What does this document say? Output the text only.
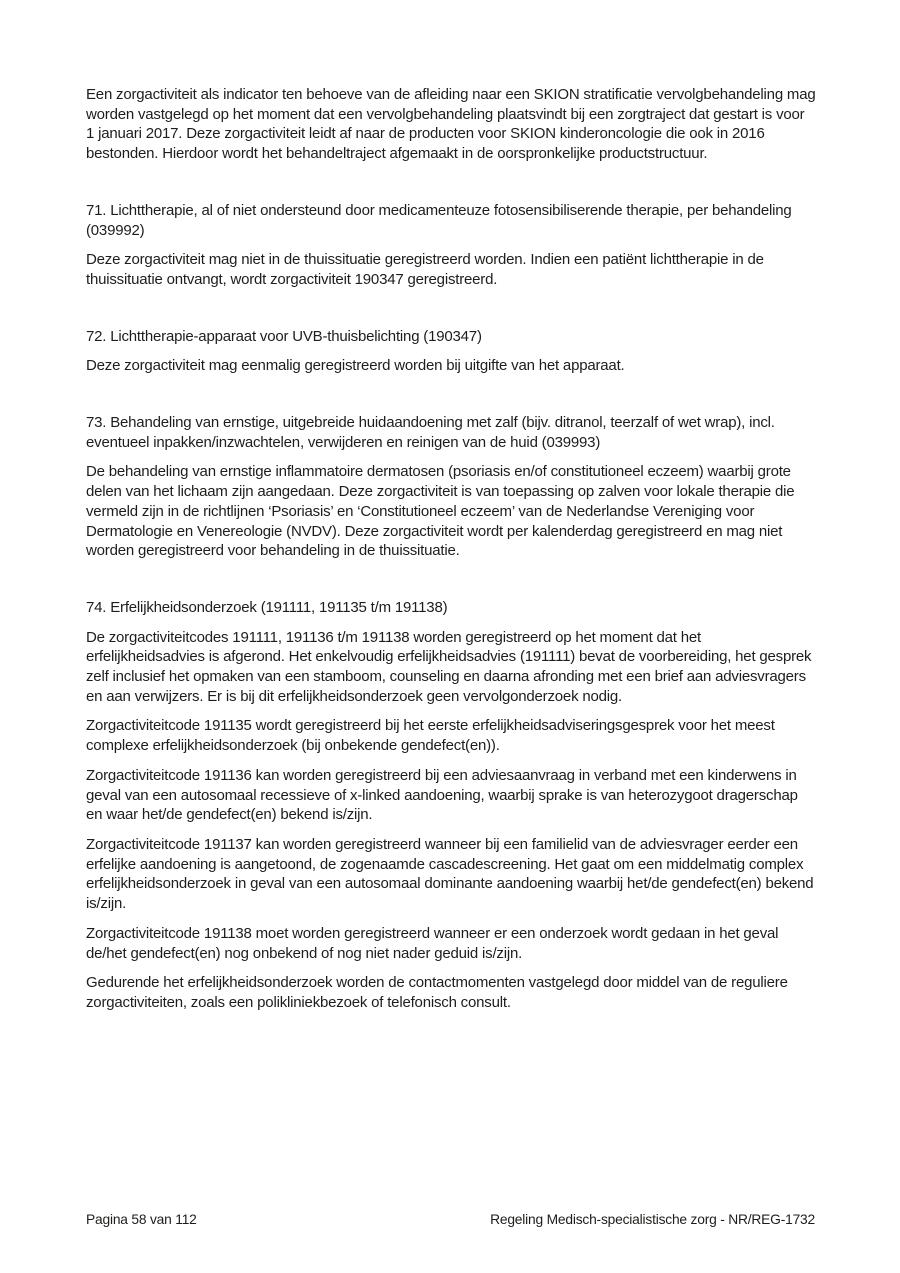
Een zorgactiviteit als indicator ten behoeve van de afleiding naar een SKION stratificatie vervolgbehandeling mag worden vastgelegd op het moment dat een vervolgbehandeling plaatsvindt bij een zorgtraject dat gestart is voor 1 januari 2017. Deze zorgactiviteit leidt af naar de producten voor SKION kinderoncologie die ook in 2016 bestonden. Hierdoor wordt het behandeltraject afgemaakt in de oorspronkelijke productstructuur.

71. Lichttherapie, al of niet ondersteund door medicamenteuze fotosensibiliserende therapie, per behandeling (039992)

Deze zorgactiviteit mag niet in de thuissituatie geregistreerd worden. Indien een patiënt lichttherapie in de thuissituatie ontvangt, wordt zorgactiviteit 190347 geregistreerd.

72. Lichttherapie-apparaat voor UVB-thuisbelichting (190347)

Deze zorgactiviteit mag eenmalig geregistreerd worden bij uitgifte van het apparaat.

73. Behandeling van ernstige, uitgebreide huidaandoening met zalf (bijv. ditranol, teerzalf of wet wrap), incl. eventueel inpakken/inzwachtelen, verwijderen en reinigen van de huid (039993)

De behandeling van ernstige inflammatoire dermatosen (psoriasis en/of constitutioneel eczeem) waarbij grote delen van het lichaam zijn aangedaan. Deze zorgactiviteit is van toepassing op zalven voor lokale therapie die vermeld zijn in de richtlijnen ‘Psoriasis’ en ‘Constitutioneel eczeem’ van de Nederlandse Vereniging voor Dermatologie en Venereologie (NVDV). Deze zorgactiviteit wordt per kalenderdag geregistreerd en mag niet worden geregistreerd voor behandeling in de thuissituatie.

74. Erfelijkheidsonderzoek (191111, 191135 t/m 191138)

De zorgactiviteitcodes 191111, 191136 t/m 191138 worden geregistreerd op het moment dat het erfelijkheidsadvies is afgerond. Het enkelvoudig erfelijkheidsadvies (191111) bevat de voorbereiding, het gesprek zelf inclusief het opmaken van een stamboom, counseling en daarna afronding met een brief aan adviesvragers en aan verwijzers. Er is bij dit erfelijkheidsonderzoek geen vervolgonderzoek nodig.

Zorgactiviteitcode 191135 wordt geregistreerd bij het eerste erfelijkheidsadviseringsgesprek voor het meest complexe erfelijkheidsonderzoek (bij onbekende gendefect(en)).

Zorgactiviteitcode 191136 kan worden geregistreerd bij een adviesaanvraag in verband met een kinderwens in geval van een autosomaal recessieve of x-linked aandoening, waarbij sprake is van heterozygoot dragerschap en waar het/de gendefect(en) bekend is/zijn.

Zorgactiviteitcode 191137 kan worden geregistreerd wanneer bij een familielid van de adviesvrager eerder een erfelijke aandoening is aangetoond, de zogenaamde cascadescreening. Het gaat om een middelmatig complex erfelijkheidsonderzoek in geval van een autosomaal dominante aandoening waarbij het/de gendefect(en) bekend is/zijn.

Zorgactiviteitcode 191138 moet worden geregistreerd wanneer er een onderzoek wordt gedaan in het geval de/het gendefect(en) nog onbekend of nog niet nader geduid is/zijn.

Gedurende het erfelijkheidsonderzoek worden de contactmomenten vastgelegd door middel van de reguliere zorgactiviteiten, zoals een polikliniekbezoek of telefonisch consult.

Pagina 58 van 112	Regeling Medisch-specialistische zorg - NR/REG-1732
